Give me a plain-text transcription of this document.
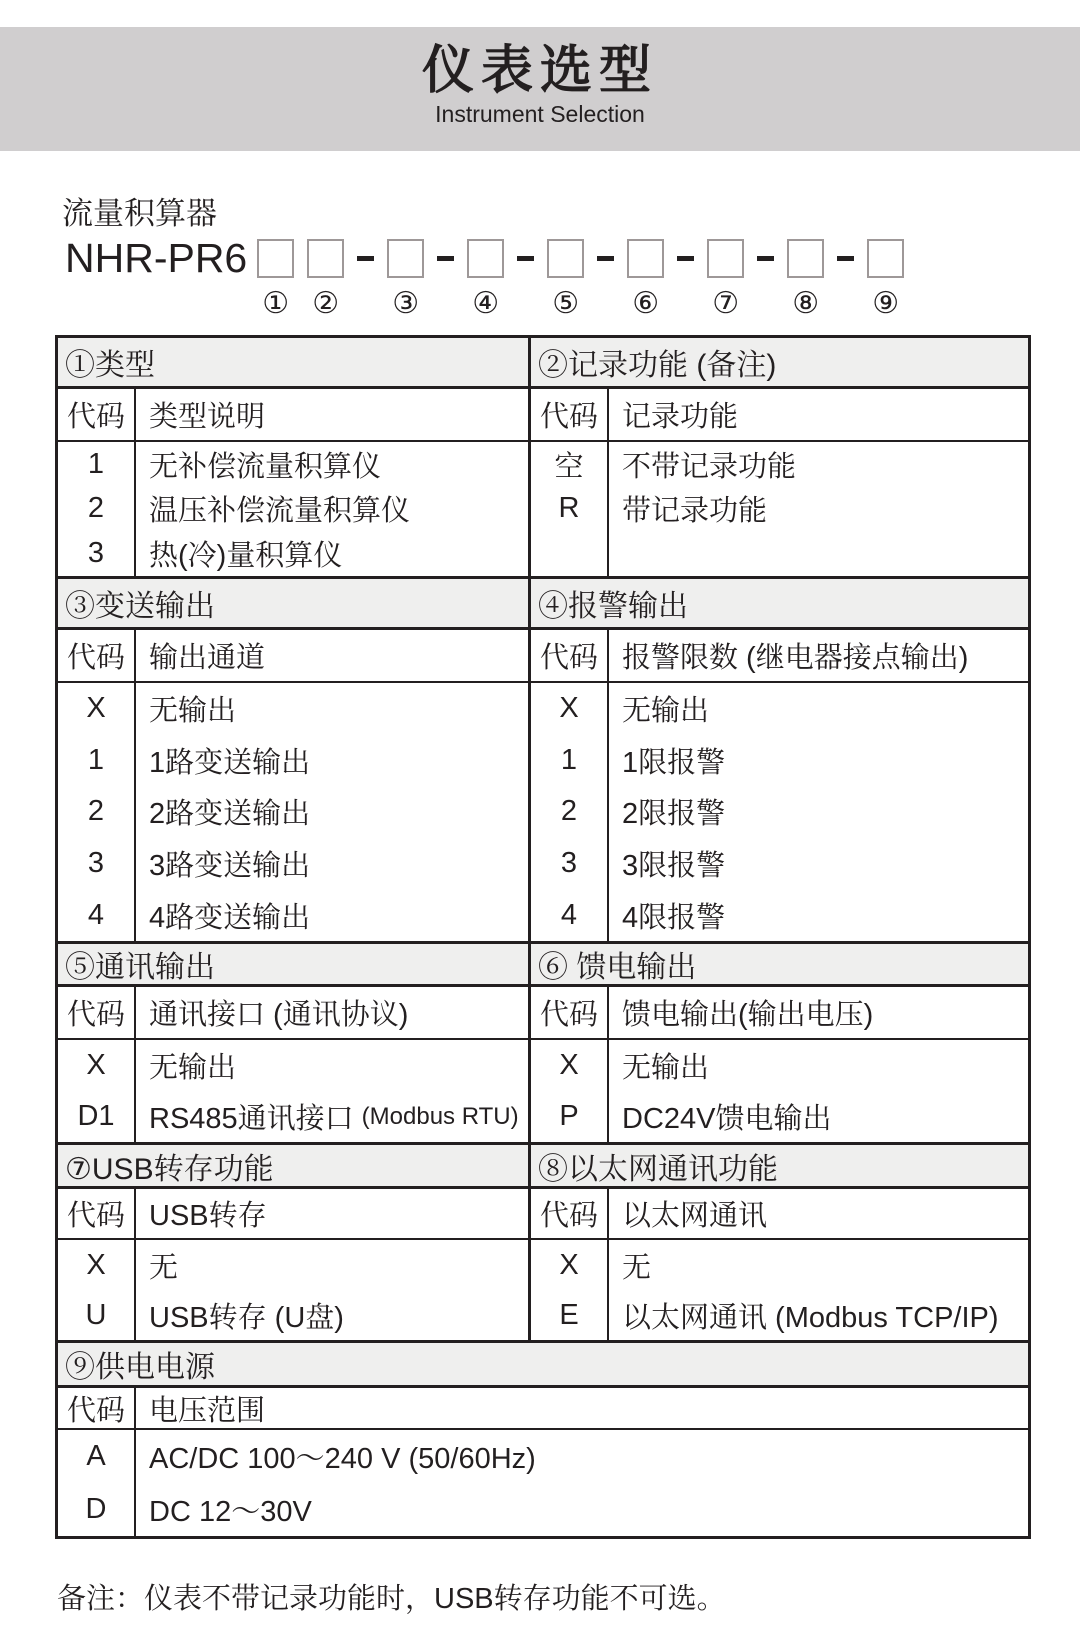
仪表选型
Instrument Selection
流量积算器
NHR-PR6
① ② ③ ④ ⑤ ⑥ ⑦ ⑧ ⑨
①类型
代码 类型说明
1
2
3
无补偿流量积算仪
温压补偿流量积算仪
热(冷)量积算仪
②记录功能 (备注)
代码 记录功能
空
R
不带记录功能
带记录功能
③变送输出
代码 输出通道
X
1
2
3
4
无输出
1路变送输出
2路变送输出
3路变送输出
4路变送输出
④报警输出
代码 报警限数 (继电器接点输出)
X
1
2
3
4
无输出
1限报警
2限报警
3限报警
4限报警
⑤通讯输出
代码 通讯接口 (通讯协议)
X
D1
无输出
RS485通讯接口 (Modbus RTU)
⑥ 馈电输出
代码 馈电输出(输出电压)
X
P
无输出
DC24V馈电输出
⑦USB转存功能
代码 USB转存
X
U
无
USB转存 (U盘)
⑧以太网通讯功能
代码 以太网通讯
X
E
无
以太网通讯 (Modbus TCP/IP)
⑨供电电源
代码 电压范围
A
D
AC/DC 100～240 V (50/60Hz)
DC 12～30V
备注：仪表不带记录功能时，USB转存功能不可选。
